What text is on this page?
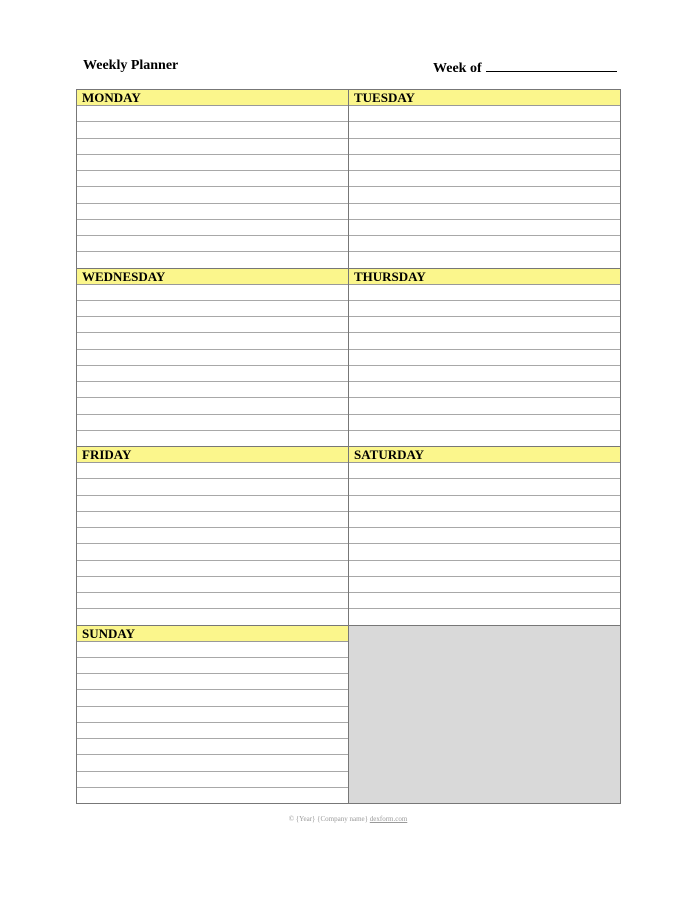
Weekly Planner	Week of
MONDAY	TUESDAY
WEDNESDAY	THURSDAY
FRIDAY	SATURDAY
SUNDAY
© {Year} {Company name} dexform.com
